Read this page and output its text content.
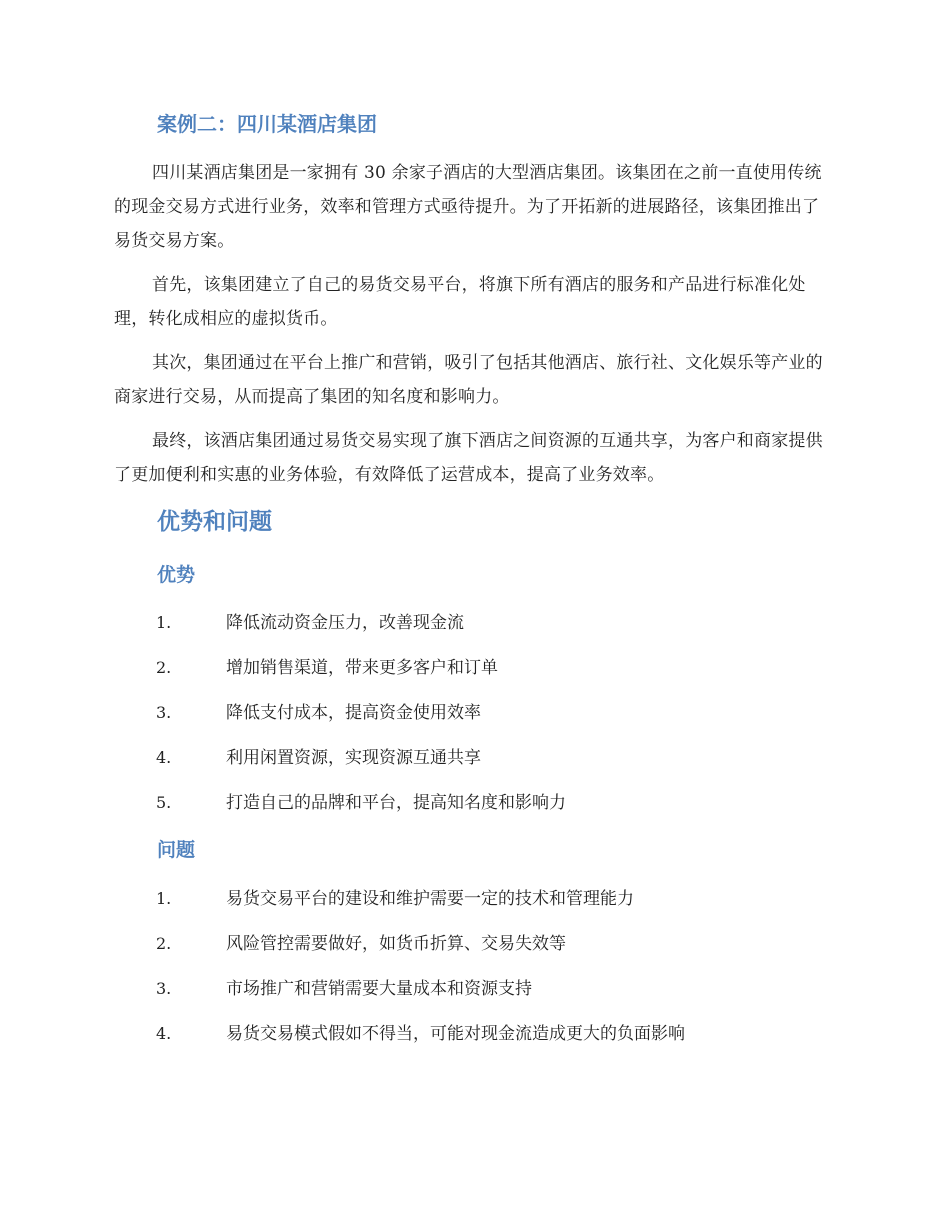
案例二：四川某酒店集团

四川某酒店集团是一家拥有 30 余家子酒店的大型酒店集团。该集团在之前一直使用传统的现金交易方式进行业务，效率和管理方式亟待提升。为了开拓新的进展路径，该集团推出了易货交易方案。

首先，该集团建立了自己的易货交易平台，将旗下所有酒店的服务和产品进行标准化处理，转化成相应的虚拟货币。

其次，集团通过在平台上推广和营销，吸引了包括其他酒店、旅行社、文化娱乐等产业的商家进行交易，从而提高了集团的知名度和影响力。

最终，该酒店集团通过易货交易实现了旗下酒店之间资源的互通共享，为客户和商家提供了更加便利和实惠的业务体验，有效降低了运营成本，提高了业务效率。

优势和问题
优势
1.	降低流动资金压力，改善现金流
2.	增加销售渠道，带来更多客户和订单
3.	降低支付成本，提高资金使用效率
4.	利用闲置资源，实现资源互通共享
5.	打造自己的品牌和平台，提高知名度和影响力
问题
1.	易货交易平台的建设和维护需要一定的技术和管理能力
2.	风险管控需要做好，如货币折算、交易失效等
3.	市场推广和营销需要大量成本和资源支持
4.	易货交易模式假如不得当，可能对现金流造成更大的负面影响
